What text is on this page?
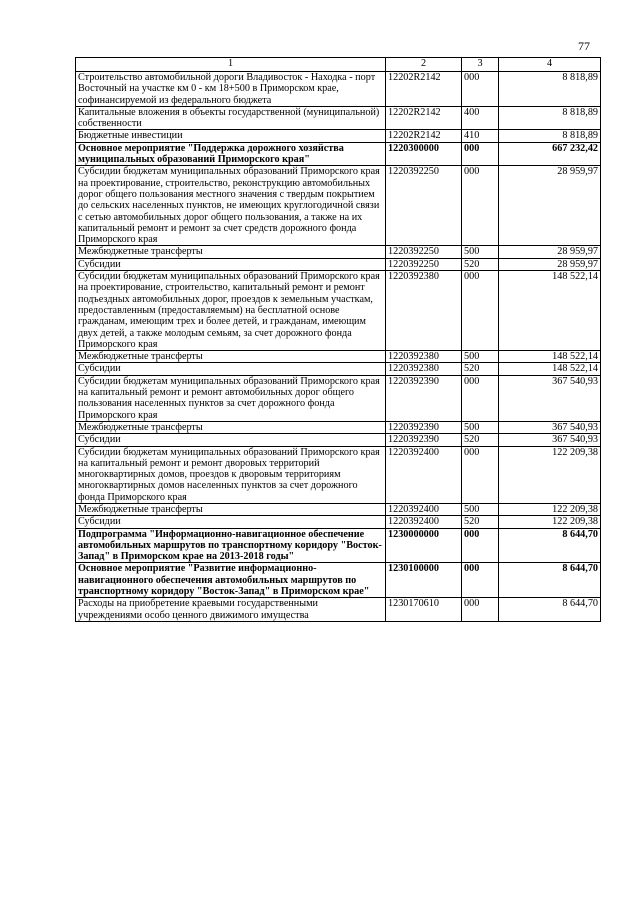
77
1	2	3	4
Строительство автомобильной дороги Владивосток - Находка - порт Восточный на участке км 0 - км 18+500 в Приморском крае, софинансируемой из федерального бюджета	12202R2142	000	8 818,89
Капитальные вложения в объекты государственной (муниципальной) собственности	12202R2142	400	8 818,89
Бюджетные инвестиции	12202R2142	410	8 818,89
Основное мероприятие "Поддержка дорожного хозяйства муниципальных образований Приморского края"	1220300000	000	667 232,42
Субсидии бюджетам муниципальных образований Приморского края на проектирование, строительство, реконструкцию автомобильных дорог общего пользования местного значения с твердым покрытием до сельских населенных пунктов, не имеющих круглогодичной связи с сетью автомобильных дорог общего пользования, а также на их капитальный ремонт и ремонт за счет средств дорожного фонда Приморского края	1220392250	000	28 959,97
Межбюджетные трансферты	1220392250	500	28 959,97
Субсидии	1220392250	520	28 959,97
Субсидии бюджетам муниципальных образований Приморского края на проектирование, строительство, капитальный ремонт и ремонт подъездных автомобильных дорог, проездов к земельным участкам, предоставленным (предоставляемым) на бесплатной основе гражданам, имеющим трех и более детей, и гражданам, имеющим двух детей, а также молодым семьям, за счет дорожного фонда Приморского края	1220392380	000	148 522,14
Межбюджетные трансферты	1220392380	500	148 522,14
Субсидии	1220392380	520	148 522,14
Субсидии бюджетам муниципальных образований Приморского края на капитальный ремонт и ремонт автомобильных дорог общего пользования населенных пунктов за счет дорожного фонда Приморского края	1220392390	000	367 540,93
Межбюджетные трансферты	1220392390	500	367 540,93
Субсидии	1220392390	520	367 540,93
Субсидии бюджетам муниципальных образований Приморского края на капитальный ремонт и ремонт дворовых территорий многоквартирных домов, проездов к дворовым территориям многоквартирных домов населенных пунктов за счет дорожного фонда Приморского края	1220392400	000	122 209,38
Межбюджетные трансферты	1220392400	500	122 209,38
Субсидии	1220392400	520	122 209,38
Подпрограмма "Информационно-навигационное обеспечение автомобильных маршрутов по транспортному коридору "Восток-Запад" в Приморском крае на 2013-2018 годы"	1230000000	000	8 644,70
Основное мероприятие "Развитие информационно-навигационного обеспечения автомобильных маршрутов по транспортному коридору "Восток-Запад" в Приморском крае"	1230100000	000	8 644,70
Расходы на приобретение краевыми государственными учреждениями особо ценного движимого имущества	1230170610	000	8 644,70
